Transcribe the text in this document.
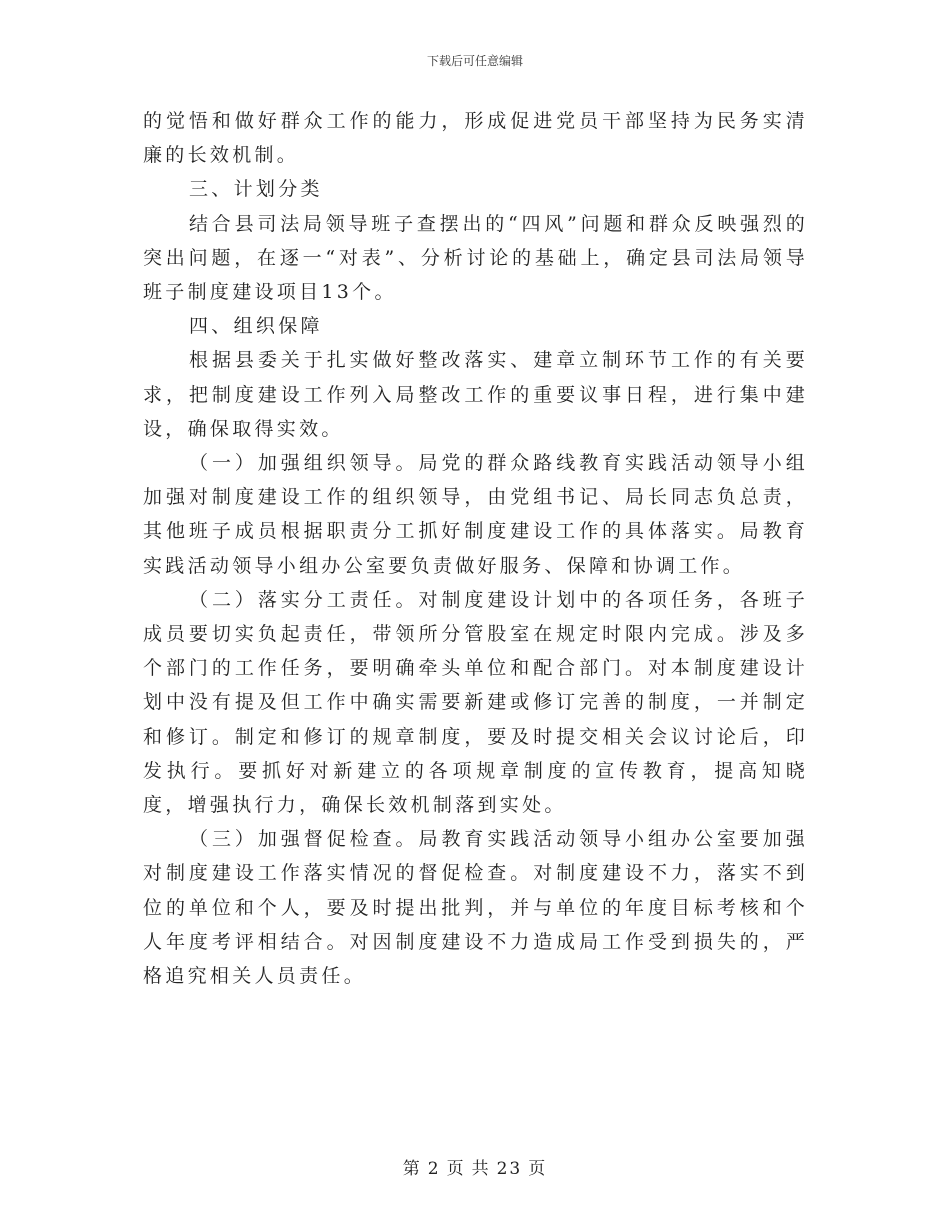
下载后可任意编辑

的觉悟和做好群众工作的能力，形成促进党员干部坚持为民务实清廉的长效机制。

三、计划分类

结合县司法局领导班子查摆出的“四风”问题和群众反映强烈的突出问题，在逐一“对表”、分析讨论的基础上，确定县司法局领导班子制度建设项目13个。

四、组织保障

根据县委关于扎实做好整改落实、建章立制环节工作的有关要求，把制度建设工作列入局整改工作的重要议事日程，进行集中建设，确保取得实效。

（一）加强组织领导。局党的群众路线教育实践活动领导小组加强对制度建设工作的组织领导，由党组书记、局长同志负总责，其他班子成员根据职责分工抓好制度建设工作的具体落实。局教育实践活动领导小组办公室要负责做好服务、保障和协调工作。

（二）落实分工责任。对制度建设计划中的各项任务，各班子成员要切实负起责任，带领所分管股室在规定时限内完成。涉及多个部门的工作任务，要明确牵头单位和配合部门。对本制度建设计划中没有提及但工作中确实需要新建或修订完善的制度，一并制定和修订。制定和修订的规章制度，要及时提交相关会议讨论后，印发执行。要抓好对新建立的各项规章制度的宣传教育，提高知晓度，增强执行力，确保长效机制落到实处。

（三）加强督促检查。局教育实践活动领导小组办公室要加强对制度建设工作落实情况的督促检查。对制度建设不力，落实不到位的单位和个人，要及时提出批判，并与单位的年度目标考核和个人年度考评相结合。对因制度建设不力造成局工作受到损失的，严格追究相关人员责任。

第 2 页 共 23 页
